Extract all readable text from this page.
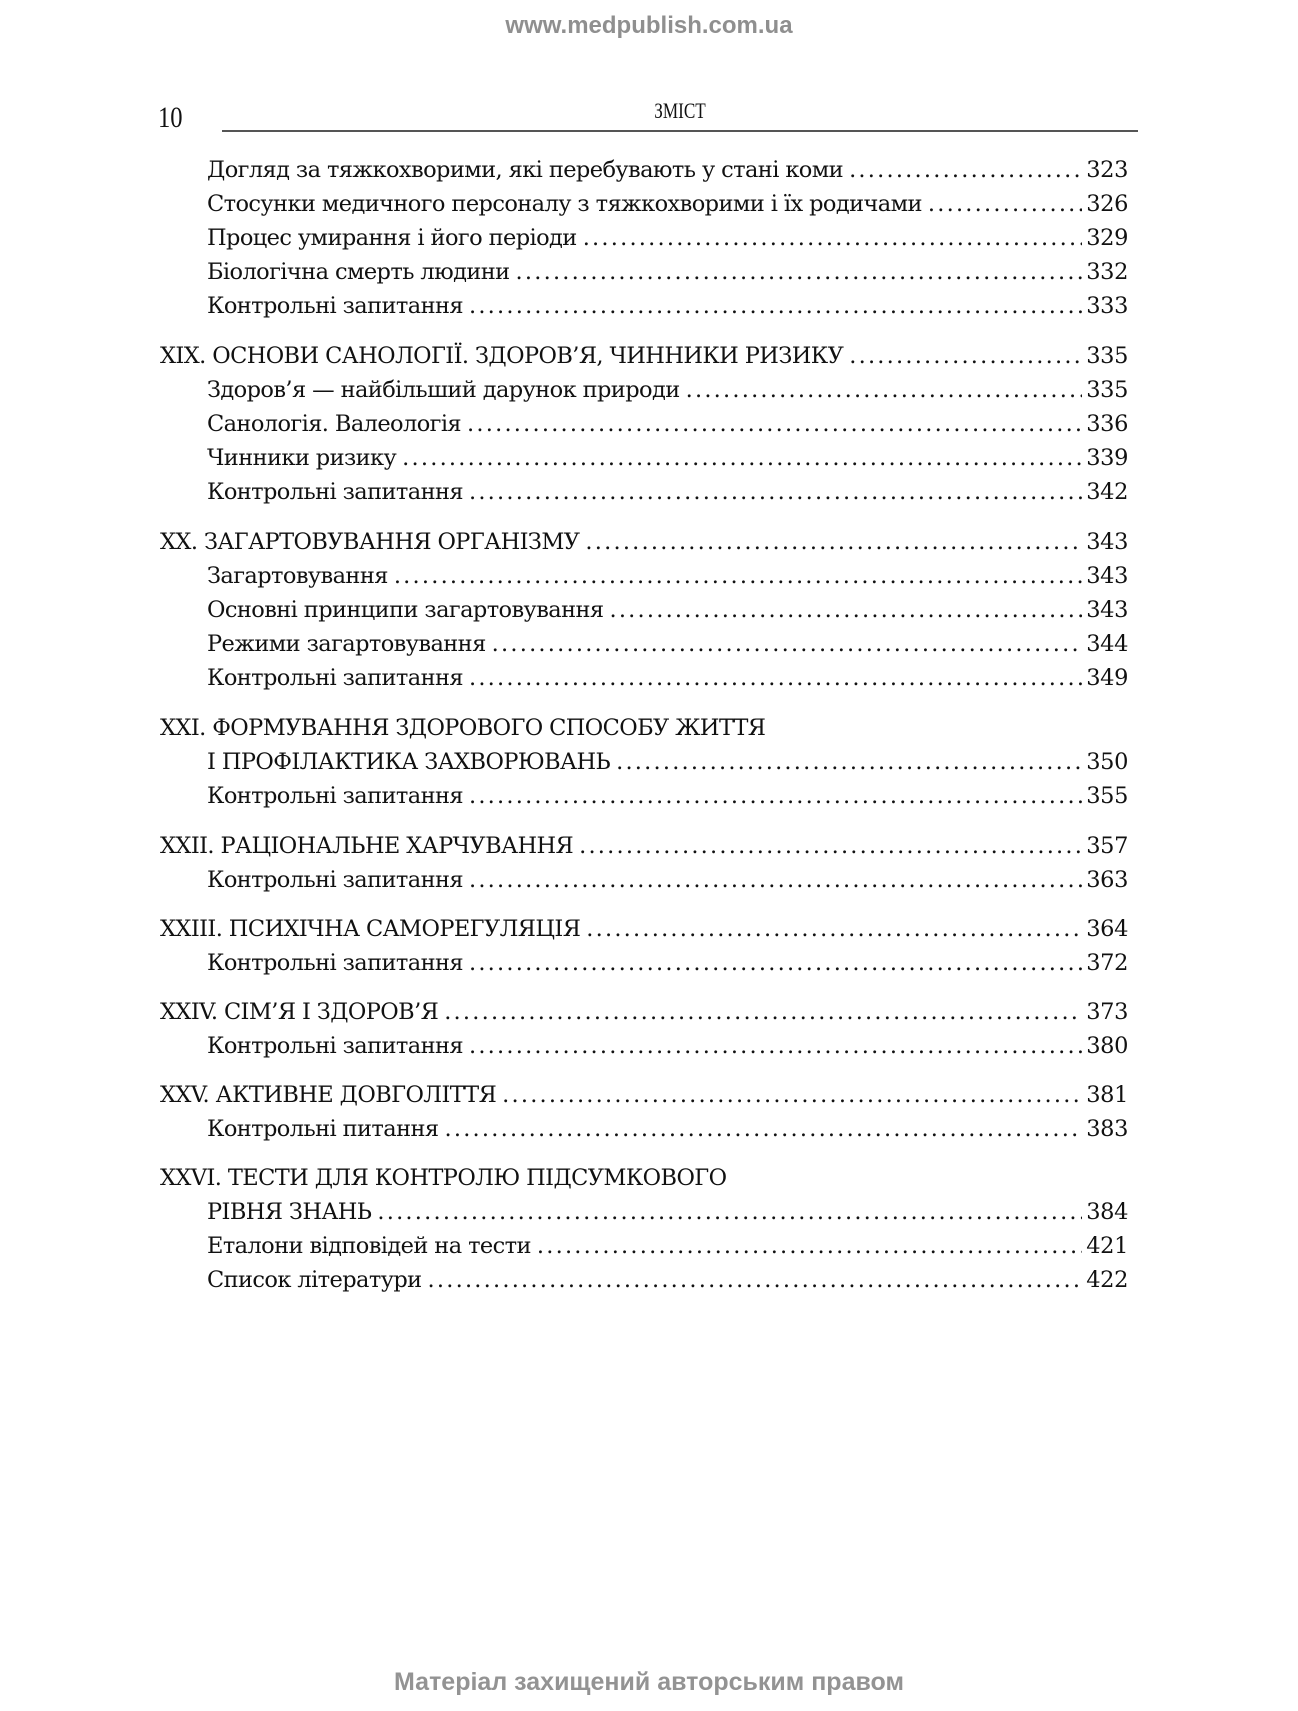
www.medpublish.com.ua
10	ЗМІСТ
Догляд за тяжкохворими, які перебувають у стані коми .....	323
Стосунки медичного персоналу з тяжкохворими і їх родичами .....	326
Процес умирання і його періоди .....	329
Біологічна смерть людини .....	332
Контрольні запитання .....	333
XIX. ОСНОВИ САНОЛОГІЇ. ЗДОРОВ’Я, ЧИННИКИ РИЗИКУ .....	335
Здоров’я — найбільший дарунок природи .....	335
Санологія. Валеологія .....	336
Чинники ризику .....	339
Контрольні запитання .....	342
XX. ЗАГАРТОВУВАННЯ ОРГАНІЗМУ .....	343
Загартовування .....	343
Основні принципи загартовування .....	343
Режими загартовування .....	344
Контрольні запитання .....	349
XXI. ФОРМУВАННЯ ЗДОРОВОГО СПОСОБУ ЖИТТЯ
І ПРОФІЛАКТИКА ЗАХВОРЮВАНЬ .....	350
Контрольні запитання .....	355
XXII. РАЦІОНАЛЬНЕ ХАРЧУВАННЯ .....	357
Контрольні запитання .....	363
XXIII. ПСИХІЧНА САМОРЕГУЛЯЦІЯ .....	364
Контрольні запитання .....	372
XXIV. СІМ’Я І ЗДОРОВ’Я .....	373
Контрольні запитання .....	380
XXV. АКТИВНЕ ДОВГОЛІТТЯ .....	381
Контрольні питання .....	383
XXVI. ТЕСТИ ДЛЯ КОНТРОЛЮ ПІДСУМКОВОГО
РІВНЯ ЗНАНЬ .....	384
Еталони відповідей на тести .....	421
Список літератури .....	422
Матеріал захищений авторським правом
